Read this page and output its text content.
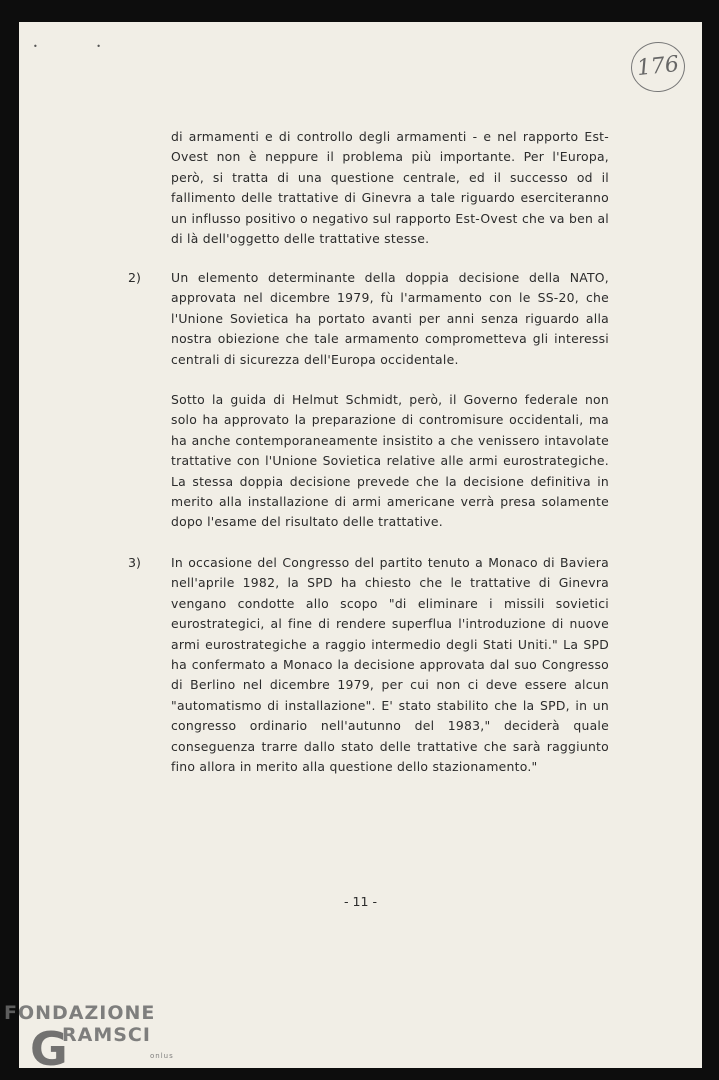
• •
176
di armamenti e di controllo degli armamenti - e nel rapporto Est-Ovest non è neppure il problema più importante. Per l'Europa, però, si tratta di una questione centrale, ed il successo od il fallimento delle trattative di Ginevra a tale riguardo eserciteranno un influsso positivo o negativo sul rapporto Est-Ovest che va ben al di là dell'oggetto delle trattative stesse.
2) Un elemento determinante della doppia decisione della NATO, approvata nel dicembre 1979, fù l'armamento con le SS-20, che l'Unione Sovietica ha portato avanti per anni senza riguardo alla nostra obiezione che tale armamento comprometteva gli interessi centrali di sicurezza dell'Europa occidentale.
Sotto la guida di Helmut Schmidt, però, il Governo federale non solo ha approvato la preparazione di contromisure occidentali, ma ha anche contemporaneamente insistito a che venissero intavolate trattative con l'Unione Sovietica relative alle armi eurostrategiche. La stessa doppia decisione prevede che la decisione definitiva in merito alla installazione di armi americane verrà presa solamente dopo l'esame del risultato delle trattative.
3) In occasione del Congresso del partito tenuto a Monaco di Baviera nell'aprile 1982, la SPD ha chiesto che le trattative di Ginevra vengano condotte allo scopo "di eliminare i missili sovietici eurostrategici, al fine di rendere superflua l'introduzione di nuove armi eurostrategiche a raggio intermedio degli Stati Uniti." La SPD ha confermato a Monaco la decisione approvata dal suo Congresso di Berlino nel dicembre 1979, per cui non ci deve essere alcun "automatismo di installazione". E' stato stabilito che la SPD, in un congresso ordinario nell'autunno del 1983," deciderà quale conseguenza trarre dallo stato delle trattative che sarà raggiunto fino allora in merito alla questione dello stazionamento."
- 11 -
FONDAZIONE
G
RAMSCI
onlus
